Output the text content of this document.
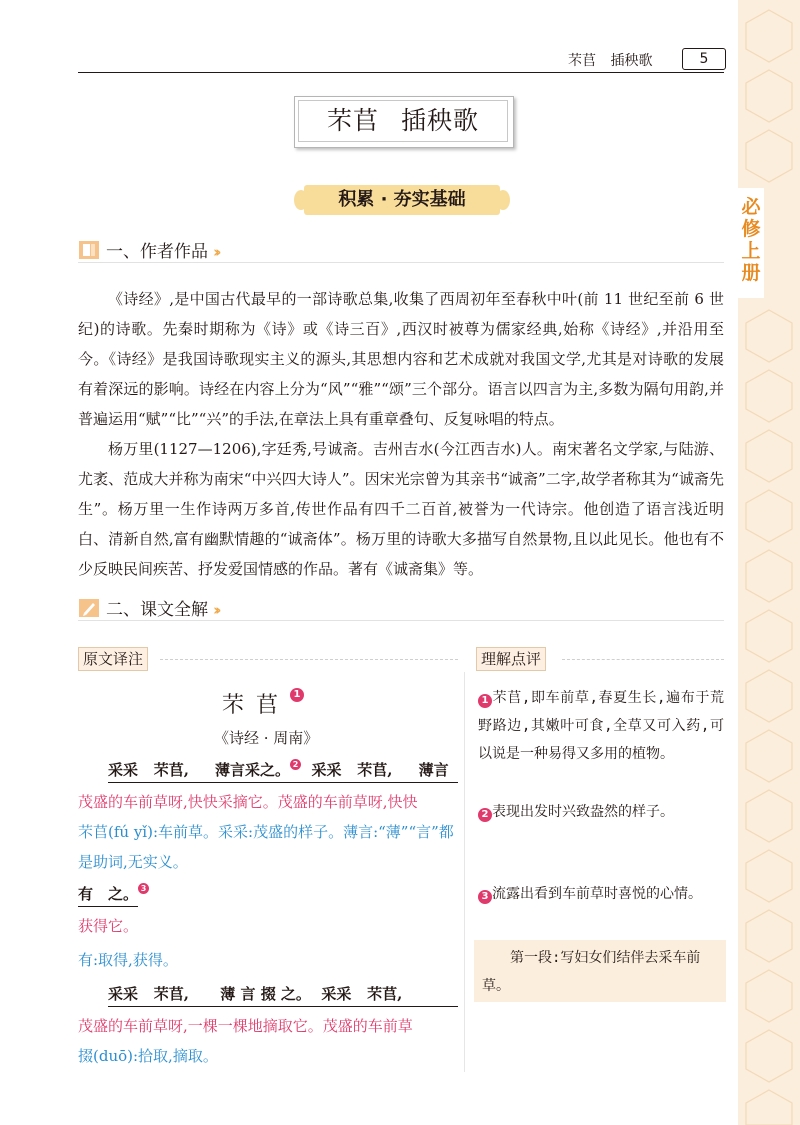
必
修
上
册
芣苢 插秧歌	5
芣苢 插秧歌
积累 · 夯实基础
一、作者作品 ››

《诗经》,是中国古代最早的一部诗歌总集,收集了西周初年至春秋中叶(前 11 世纪至前 6 世纪)的诗歌。先秦时期称为《诗》或《诗三百》,西汉时被尊为儒家经典,始称《诗经》,并沿用至今。《诗经》是我国诗歌现实主义的源头,其思想内容和艺术成就对我国文学,尤其是对诗歌的发展有着深远的影响。诗经在内容上分为“风”“雅”“颂”三个部分。语言以四言为主,多数为隔句用韵,并普遍运用“赋”“比”“兴”的手法,在章法上具有重章叠句、反复咏唱的特点。

杨万里(1127—1206),字廷秀,号诚斋。吉州吉水(今江西吉水)人。南宋著名文学家,与陆游、尤袤、范成大并称为南宋“中兴四大诗人”。因宋光宗曾为其亲书“诚斋”二字,故学者称其为“诚斋先生”。杨万里一生作诗两万多首,传世作品有四千二百首,被誉为一代诗宗。他创造了语言浅近明白、清新自然,富有幽默情趣的“诚斋体”。杨万里的诗歌大多描写自然景物,且以此见长。他也有不少反映民间疾苦、抒发爱国情感的作品。著有《诚斋集》等。

二、课文全解 ››
原文译注	理解点评
芣苢 1
《诗经 · 周南》
采采 芣苢, 薄言采之。 2 采采 芣苢, 薄言

茂盛的车前草呀,快快采摘它。茂盛的车前草呀,快快

芣苢(fú yǐ):车前草。采采:茂盛的样子。薄言:“薄”“言”都是助词,无实义。

有　之。 3

获得它。

有:取得,获得。

采采 芣苢, 薄 言 掇 之。 采采 芣苢,

茂盛的车前草呀,一棵一棵地摘取它。茂盛的车前草

掇(duō):拾取,摘取。

1 芣苢,即车前草,春夏生长,遍布于荒野路边,其嫩叶可食,全草又可入药,可以说是一种易得又多用的植物。

2 表现出发时兴致盎然的样子。

3 流露出看到车前草时喜悦的心情。

第一段:写妇女们结伴去采车前草。
